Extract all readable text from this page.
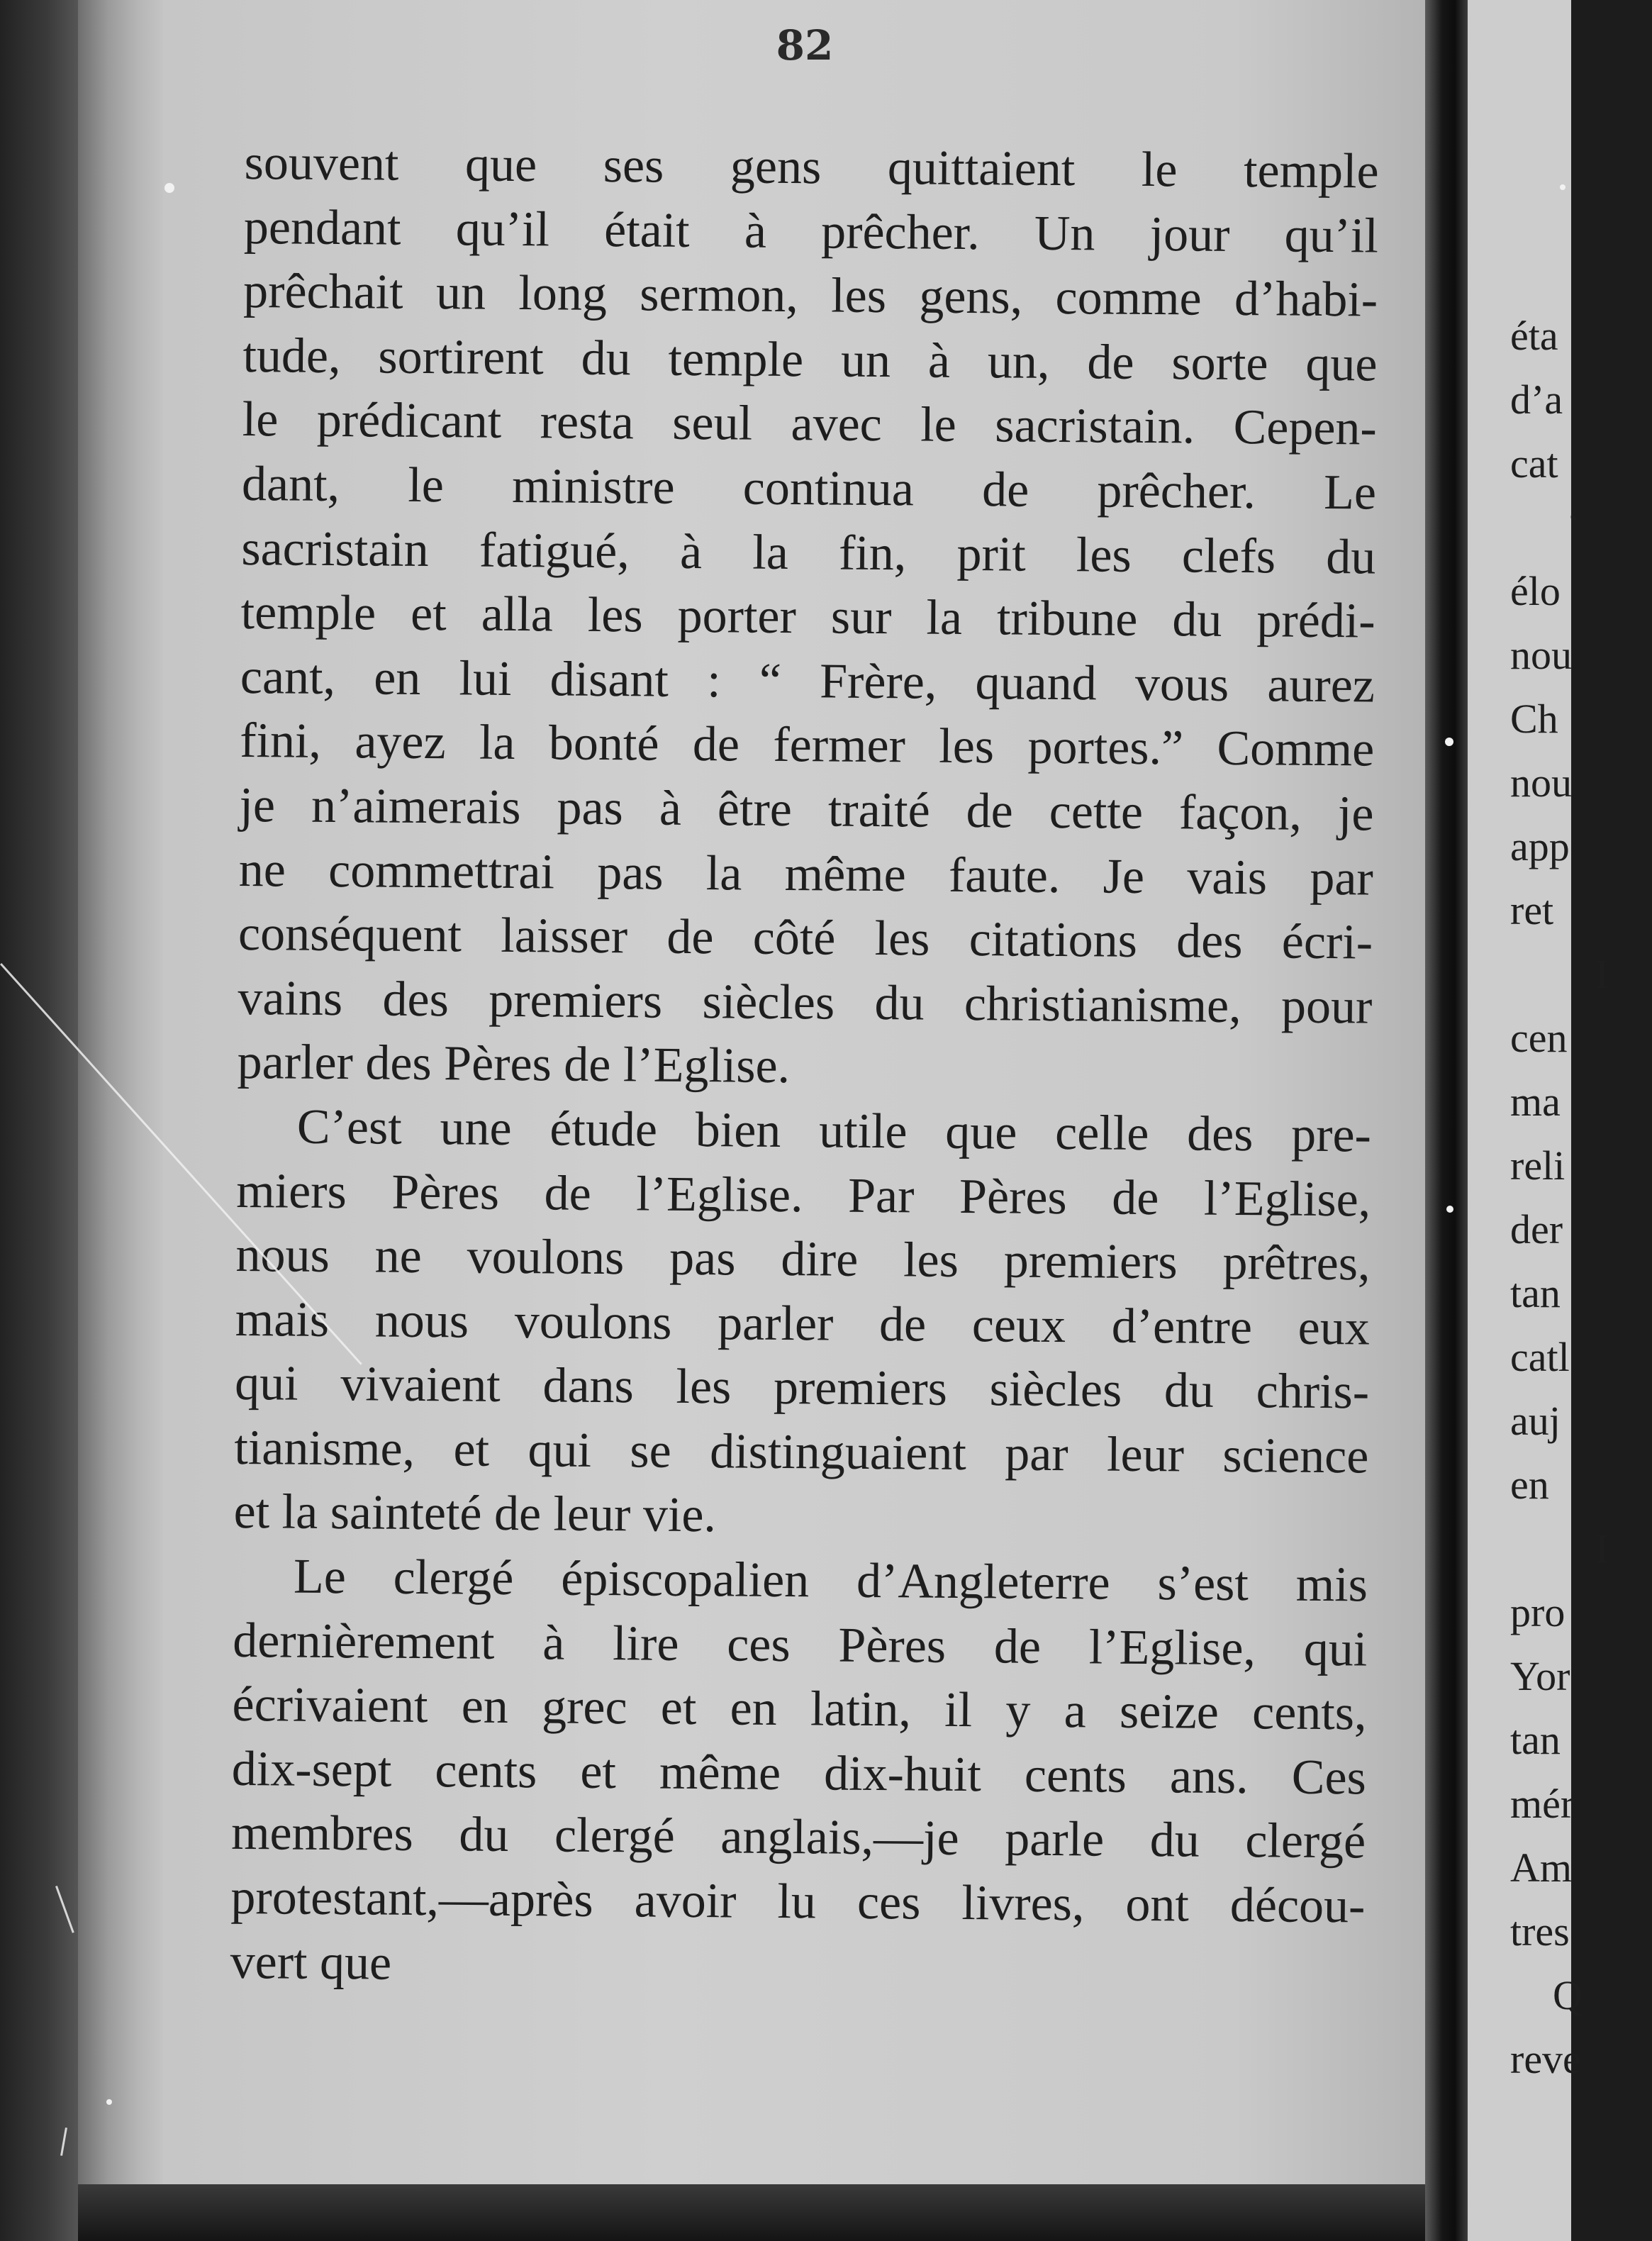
82
souvent que ses gens quittaient le temple
pendant qu’il était à prêcher. Un jour qu’il
prêchait un long sermon, les gens, comme d’habi-
tude, sortirent du temple un à un, de sorte que
le prédicant resta seul avec le sacristain. Cepen-
dant, le ministre continua de prêcher. Le
sacristain fatigué, à la fin, prit les clefs du
temple et alla les porter sur la tribune du prédi-
cant, en lui disant : “ Frère, quand vous aurez
fini, ayez la bonté de fermer les portes.” Comme
je n’aimerais pas à être traité de cette façon, je
ne commettrai pas la même faute. Je vais par
conséquent laisser de côté les citations des écri-
vains des premiers siècles du christianisme, pour
parler des Pères de l’Eglise.
C’est une étude bien utile que celle des pre-
miers Pères de l’Eglise. Par Pères de l’Eglise,
nous ne voulons pas dire les premiers prêtres,
mais nous voulons parler de ceux d’entre eux
qui vivaient dans les premiers siècles du chris-
tianisme, et qui se distinguaient par leur science
et la sainteté de leur vie.
Le clergé épiscopalien d’Angleterre s’est mis
dernièrement à lire ces Pères de l’Eglise, qui
écrivaient en grec et en latin, il y a seize cents,
dix-sept cents et même dix-huit cents ans. Ces
membres du clergé anglais,—je parle du clergé
protestant,—après avoir lu ces livres, ont décou-
vert que
éta
d’a
cat
‘
élo
nou
Ch
nou
app
ret
I
cen
ma
reli
der
tan
catl
auj
en
I
pro
Yor
tan
mér
Am
tres
Q
reve
